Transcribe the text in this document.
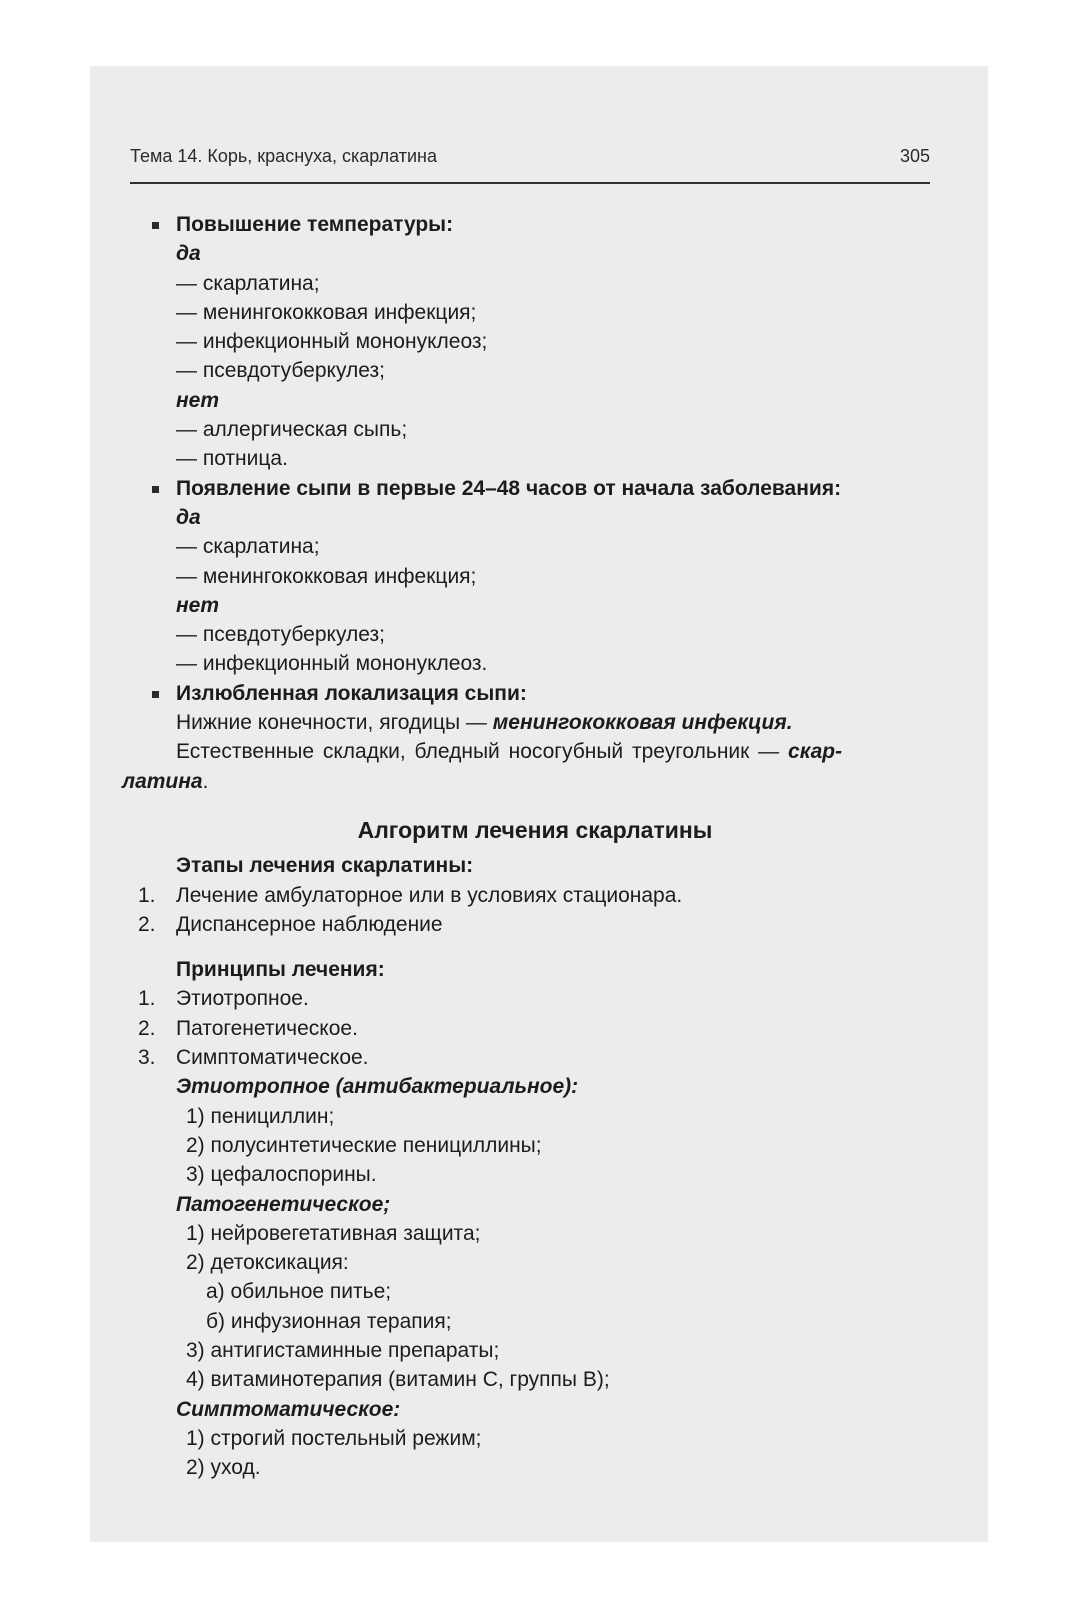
Тема 14. Корь, краснуха, скарлатина	305
Повышение температуры:
да
— скарлатина;
— менингококковая инфекция;
— инфекционный мононуклеоз;
— псевдотуберкулез;
нет
— аллергическая сыпь;
— потница.
Появление сыпи в первые 24–48 часов от начала заболевания:
да
— скарлатина;
— менингококковая инфекция;
нет
— псевдотуберкулез;
— инфекционный мононуклеоз.
Излюбленная локализация сыпи:
Нижние конечности, ягодицы — менингококковая инфекция.
Естественные складки, бледный носогубный треугольник — скар-
латина.
Алгоритм лечения скарлатины
Этапы лечения скарлатины:
1. Лечение амбулаторное или в условиях стационара.
2. Диспансерное наблюдение
Принципы лечения:
1. Этиотропное.
2. Патогенетическое.
3. Симптоматическое.
Этиотропное (антибактериальное):
1) пенициллин;
2) полусинтетические пенициллины;
3) цефалоспорины.
Патогенетическое;
1) нейровегетативная защита;
2) детоксикация:
а) обильное питье;
б) инфузионная терапия;
3) антигистаминные препараты;
4) витаминотерапия (витамин С, группы В);
Симптоматическое:
1) строгий постельный режим;
2) уход.
